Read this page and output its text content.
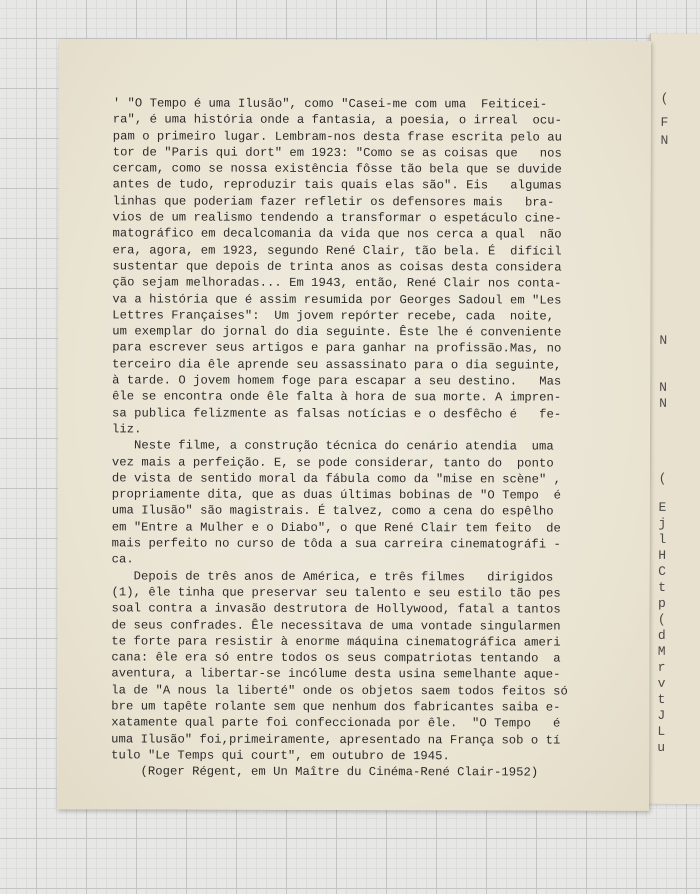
(
F
N
N
N
N
(
E
j
l
H
C
t
p
(
d
M
r
v
t
J
L
u
' "O Tempo é uma Ilusão", como "Casei-me com uma  Feiticei-
ra", é uma história onde a fantasia, a poesia, o irreal  ocu-
pam o primeiro lugar. Lembram-nos desta frase escrita pelo au
tor de "Paris qui dort" em 1923: "Como se as coisas que   nos
cercam, como se nossa existência fôsse tão bela que se duvide
antes de tudo, reproduzir tais quais elas são". Eis   algumas
linhas que poderiam fazer refletir os defensores mais   bra-
vios de um realismo tendendo a transformar o espetáculo cine-
matográfico em decalcomania da vida que nos cerca a qual  não
era, agora, em 1923, segundo René Clair, tão bela. É  difícil
sustentar que depois de trinta anos as coisas desta considera
ção sejam melhoradas... Em 1943, então, René Clair nos conta-
va a história que é assim resumida por Georges Sadoul em "Les
Lettres Françaises":  Um jovem repórter recebe, cada  noite,
um exemplar do jornal do dia seguinte. Êste lhe é conveniente
para escrever seus artigos e para ganhar na profissão.Mas, no
terceiro dia êle aprende seu assassinato para o dia seguinte,
à tarde. O jovem homem foge para escapar a seu destino.   Mas
êle se encontra onde êle falta à hora de sua morte. A impren-
sa publica felizmente as falsas notícias e o desfêcho é   fe-
liz.
Neste filme, a construção técnica do cenário atendia  uma
vez mais a perfeição. E, se pode considerar, tanto do  ponto
de vista de sentido moral da fábula como da "mise en scène" ,
propriamente dita, que as duas últimas bobinas de "O Tempo  é
uma Ilusão" são magistrais. É talvez, como a cena do espêlho
em "Entre a Mulher e o Diabo", o que René Clair tem feito  de
mais perfeito no curso de tôda a sua carreira cinematográfi -
ca.
Depois de três anos de América, e três filmes   dirigidos
(1), êle tinha que preservar seu talento e seu estilo tão pes
soal contra a invasão destrutora de Hollywood, fatal a tantos
de seus confrades. Êle necessitava de uma vontade singularmen
te forte para resistir à enorme máquina cinematográfica ameri
cana: êle era só entre todos os seus compatriotas tentando  a
aventura, a libertar-se incólume desta usina semelhante aque-
la de "A nous la liberté" onde os objetos saem todos feitos só
bre um tapête rolante sem que nenhum dos fabricantes saiba e-
xatamente qual parte foi confeccionada por êle.  "O Tempo   é
uma Ilusão" foi,primeiramente, apresentado na França sob o tí
tulo "Le Temps qui court", em outubro de 1945.
(Roger Régent, em Un Maître du Cinéma-René Clair-1952)
